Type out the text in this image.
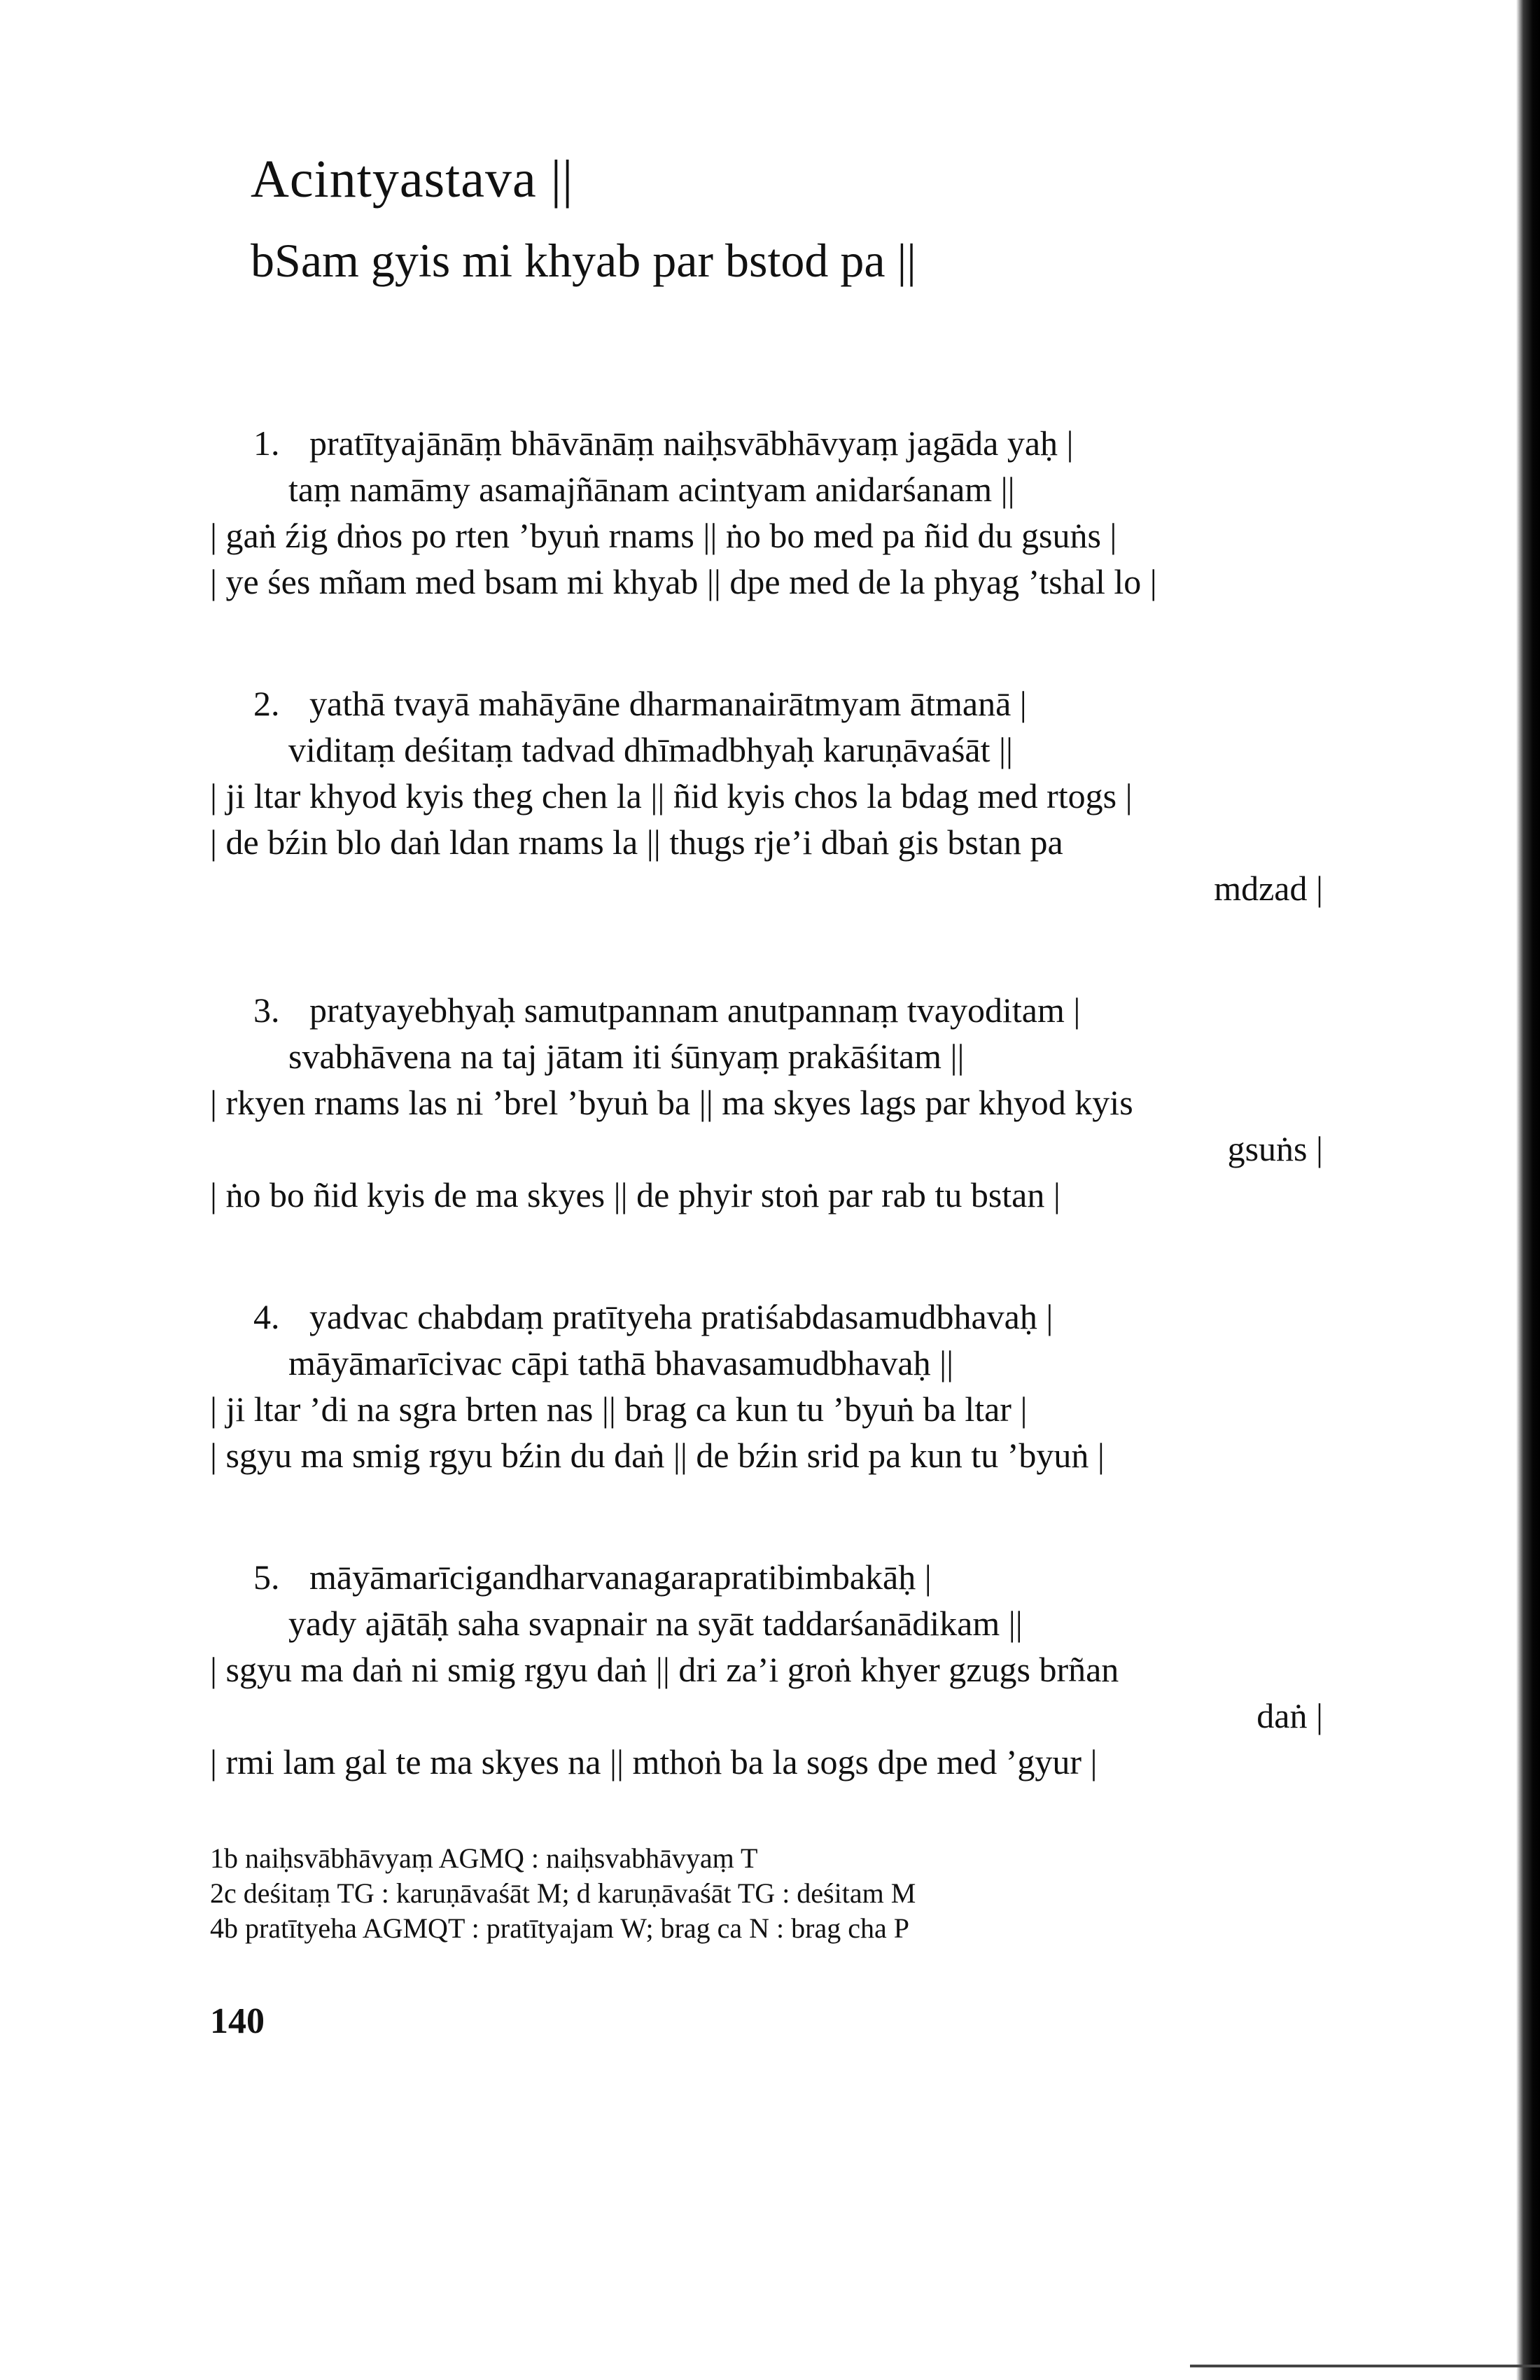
Acintyastava ||
bSam gyis mi khyab par bstod pa ||
1. pratītyajānāṃ bhāvānāṃ naiḥsvābhāvyaṃ jagāda yaḥ |
taṃ namāmy asamajñānam acintyam anidarśanam ||
| gaṅ źig dṅos po rten ’byuṅ rnams || ṅo bo med pa ñid du gsuṅs |
| ye śes mñam med bsam mi khyab || dpe med de la phyag ’tshal lo |
2. yathā tvayā mahāyāne dharmanairātmyam ātmanā |
viditaṃ deśitaṃ tadvad dhīmadbhyaḥ karuṇāvaśāt ||
| ji ltar khyod kyis theg chen la || ñid kyis chos la bdag med rtogs |
| de bźin blo daṅ ldan rnams la || thugs rje’i dbaṅ gis bstan pa
mdzad |
3. pratyayebhyaḥ samutpannam anutpannaṃ tvayoditam |
svabhāvena na taj jātam iti śūnyaṃ prakāśitam ||
| rkyen rnams las ni ’brel ’byuṅ ba || ma skyes lags par khyod kyis
gsuṅs |
| ṅo bo ñid kyis de ma skyes || de phyir stoṅ par rab tu bstan |
4. yadvac chabdaṃ pratītyeha pratiśabdasamudbhavaḥ |
māyāmarīcivac cāpi tathā bhavasamudbhavaḥ ||
| ji ltar ’di na sgra brten nas || brag ca kun tu ’byuṅ ba ltar |
| sgyu ma smig rgyu bźin du daṅ || de bźin srid pa kun tu ’byuṅ |
5. māyāmarīcigandharvanagarapratibimbakāḥ |
yady ajātāḥ saha svapnair na syāt taddarśanādikam ||
| sgyu ma daṅ ni smig rgyu daṅ || dri za’i groṅ khyer gzugs brñan
daṅ |
| rmi lam gal te ma skyes na || mthoṅ ba la sogs dpe med ’gyur |
1b naiḥsvābhāvyaṃ AGMQ : naiḥsvabhāvyaṃ T
2c deśitaṃ TG : karuṇāvaśāt M; d karuṇāvaśāt TG : deśitam M
4b pratītyeha AGMQT : pratītyajam W; brag ca N : brag cha P
140
